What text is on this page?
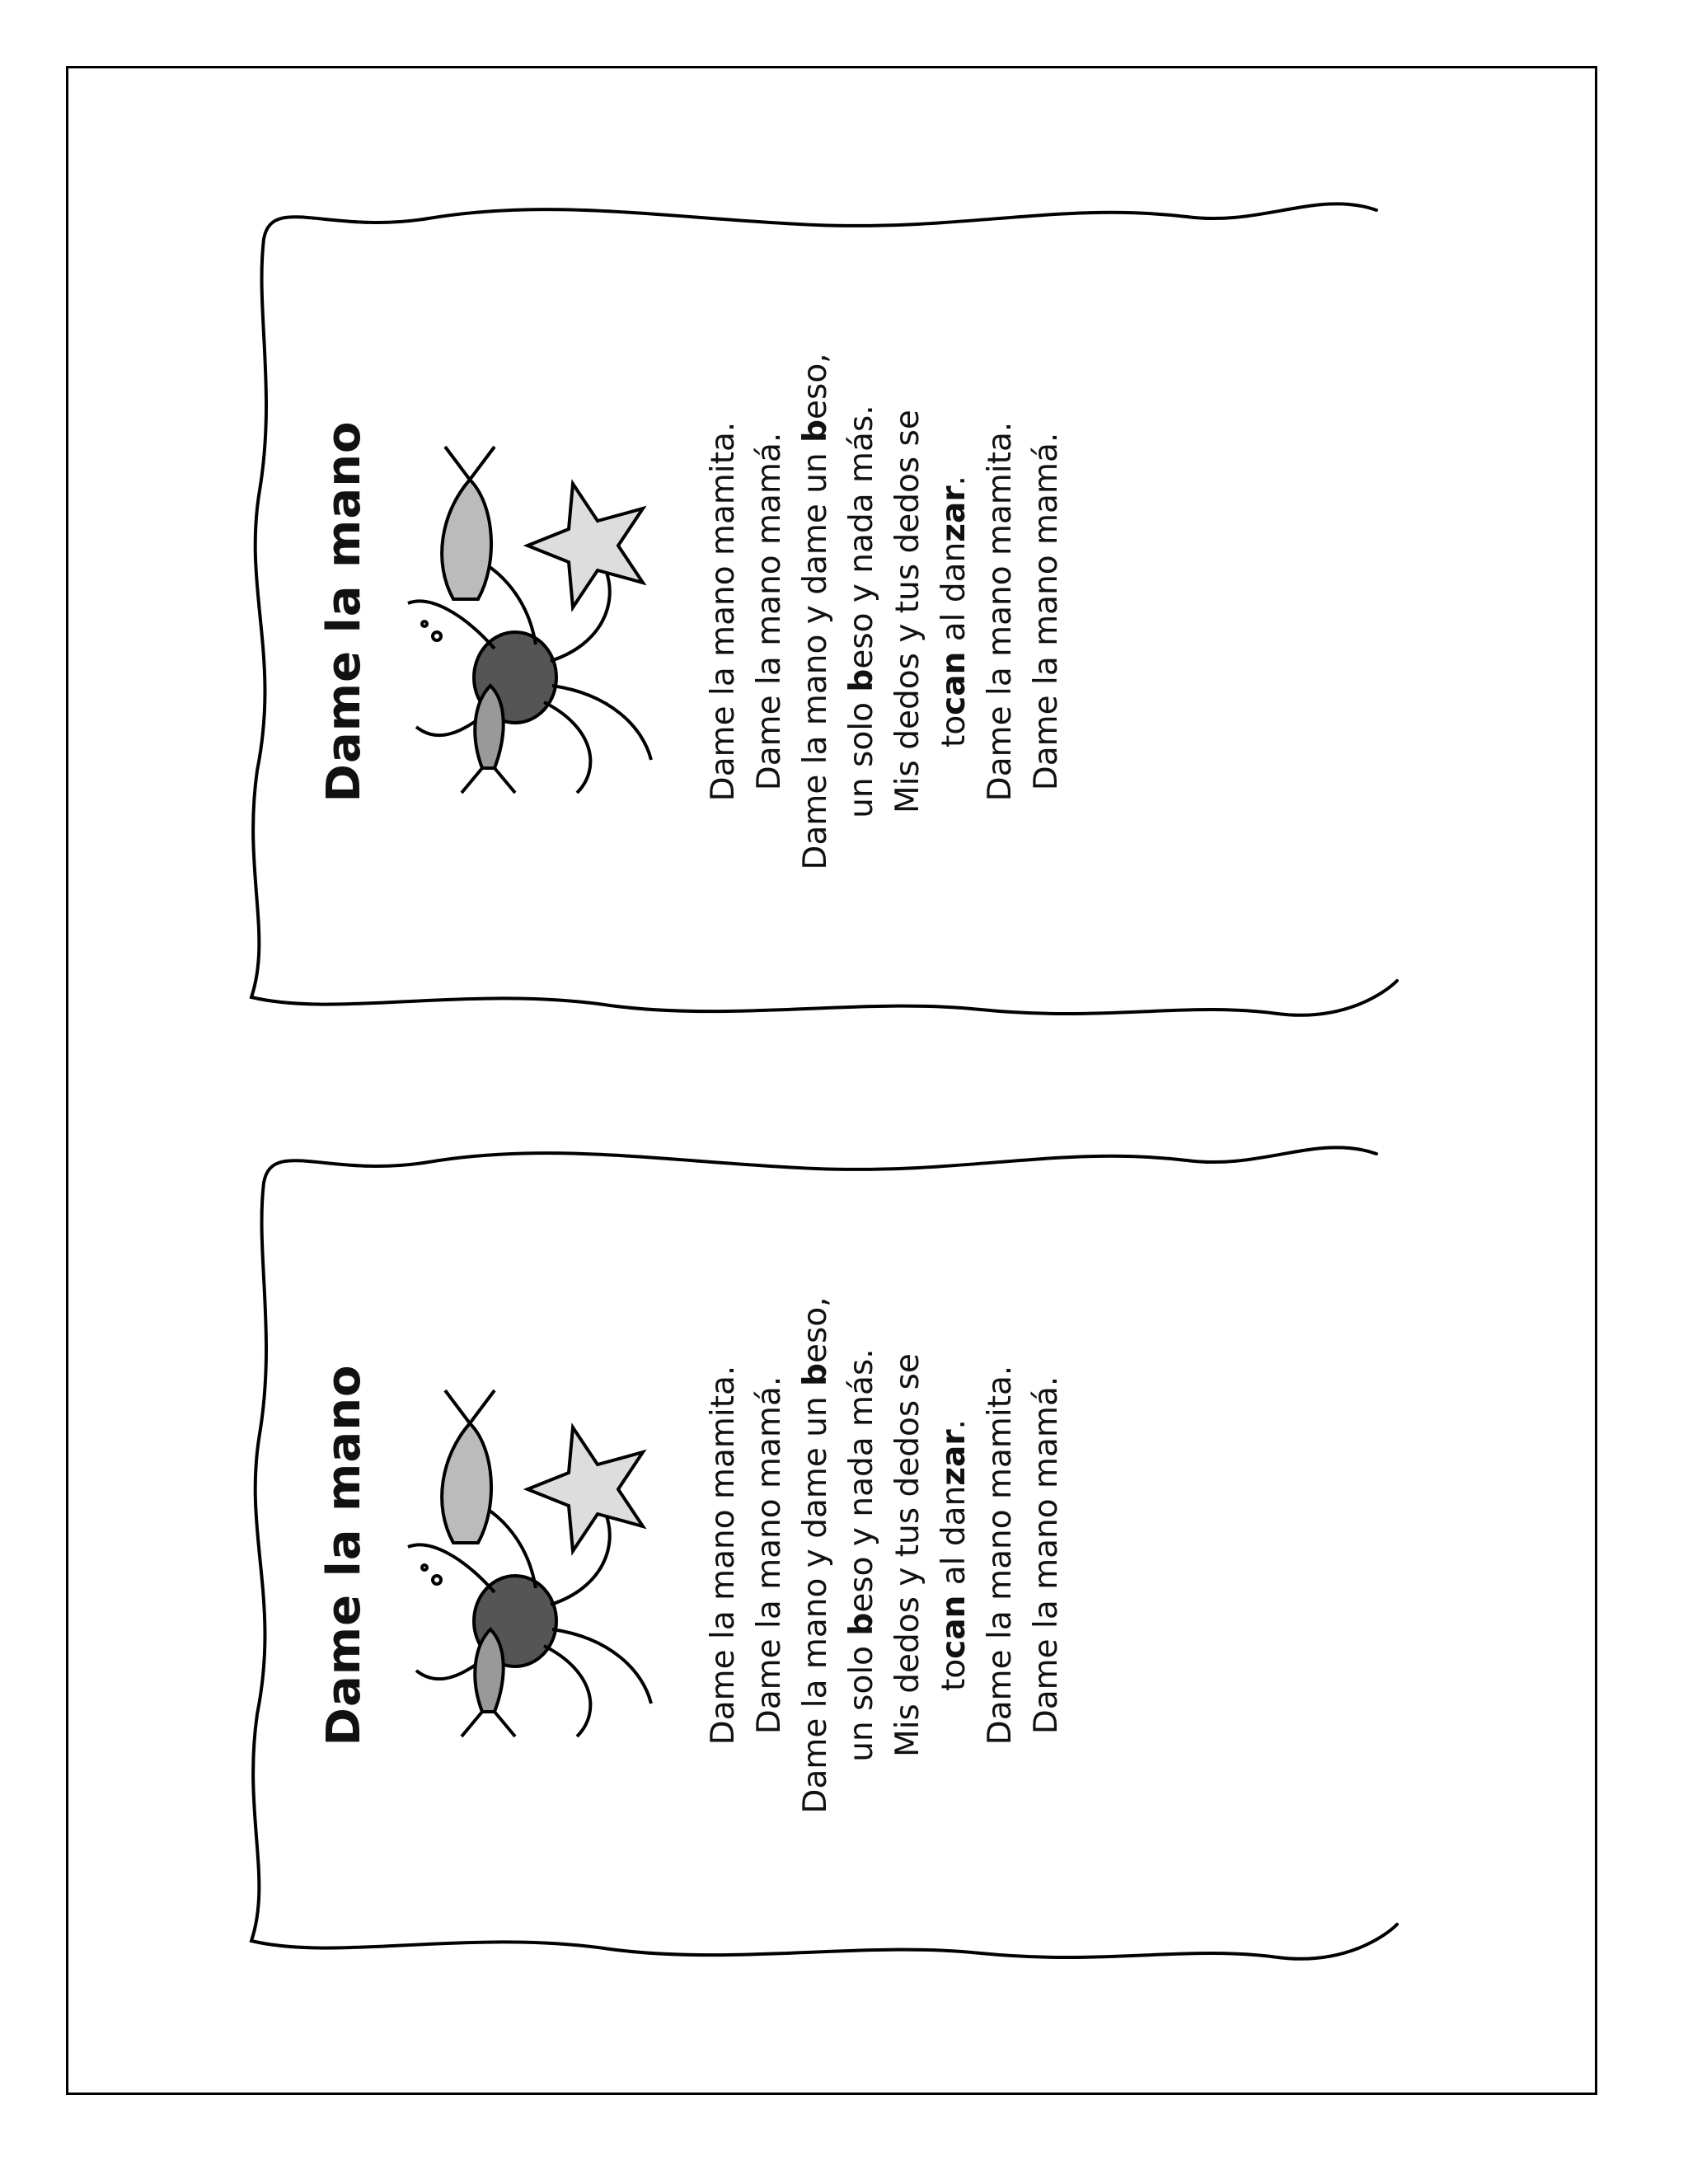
Dame la mano	Dame la mano mamita. Dame la mano mamá. Dame la mano y dame un beso,
un solo beso y nada más. Mis dedos y tus dedos se tocan al danzar. Dame la mano mamita. Dame la mano mamá.
Dame la mano	Dame la mano mamita. Dame la mano mamá. Dame la mano y dame un beso,
un solo beso y nada más. Mis dedos y tus dedos se tocan al danzar. Dame la mano mamita. Dame la mano mamá.
